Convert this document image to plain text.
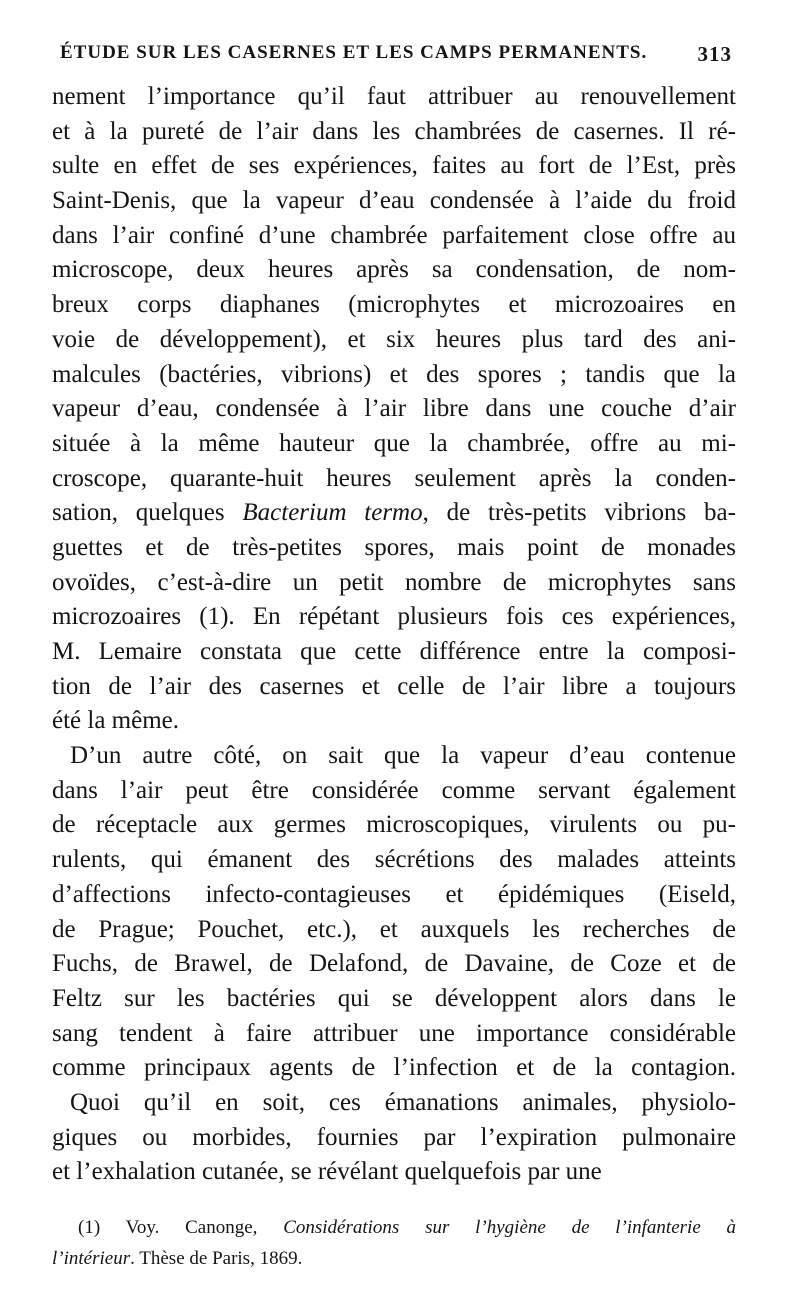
ÉTUDE SUR LES CASERNES ET LES CAMPS PERMANENTS. 313
nement l’importance qu’il faut attribuer au renouvellement
et à la pureté de l’air dans les chambrées de casernes. Il ré-
sulte en effet de ses expériences, faites au fort de l’Est, près
Saint-Denis, que la vapeur d’eau condensée à l’aide du froid
dans l’air confiné d’une chambrée parfaitement close offre au
microscope, deux heures après sa condensation, de nom-
breux corps diaphanes (microphytes et microzoaires en
voie de développement), et six heures plus tard des ani-
malcules (bactéries, vibrions) et des spores ; tandis que la
vapeur d’eau, condensée à l’air libre dans une couche d’air
située à la même hauteur que la chambrée, offre au mi-
croscope, quarante-huit heures seulement après la conden-
sation, quelques Bacterium termo, de très-petits vibrions ba-
guettes et de très-petites spores, mais point de monades
ovoïdes, c’est-à-dire un petit nombre de microphytes sans
microzoaires (1). En répétant plusieurs fois ces expériences,
M. Lemaire constata que cette différence entre la composi-
tion de l’air des casernes et celle de l’air libre a toujours
été la même.
D’un autre côté, on sait que la vapeur d’eau contenue
dans l’air peut être considérée comme servant également
de réceptacle aux germes microscopiques, virulents ou pu-
rulents, qui émanent des sécrétions des malades atteints
d’affections infecto-contagieuses et épidémiques (Eiseld,
de Prague; Pouchet, etc.), et auxquels les recherches de
Fuchs, de Brawel, de Delafond, de Davaine, de Coze et de
Feltz sur les bactéries qui se développent alors dans le
sang tendent à faire attribuer une importance considérable
comme principaux agents de l’infection et de la contagion.
Quoi qu’il en soit, ces émanations animales, physiolo-
giques ou morbides, fournies par l’expiration pulmonaire
et l’exhalation cutanée, se révélant quelquefois par une
(1) Voy. Canonge, Considérations sur l’hygiène de l’infanterie à
l’intérieur. Thèse de Paris, 1869.
